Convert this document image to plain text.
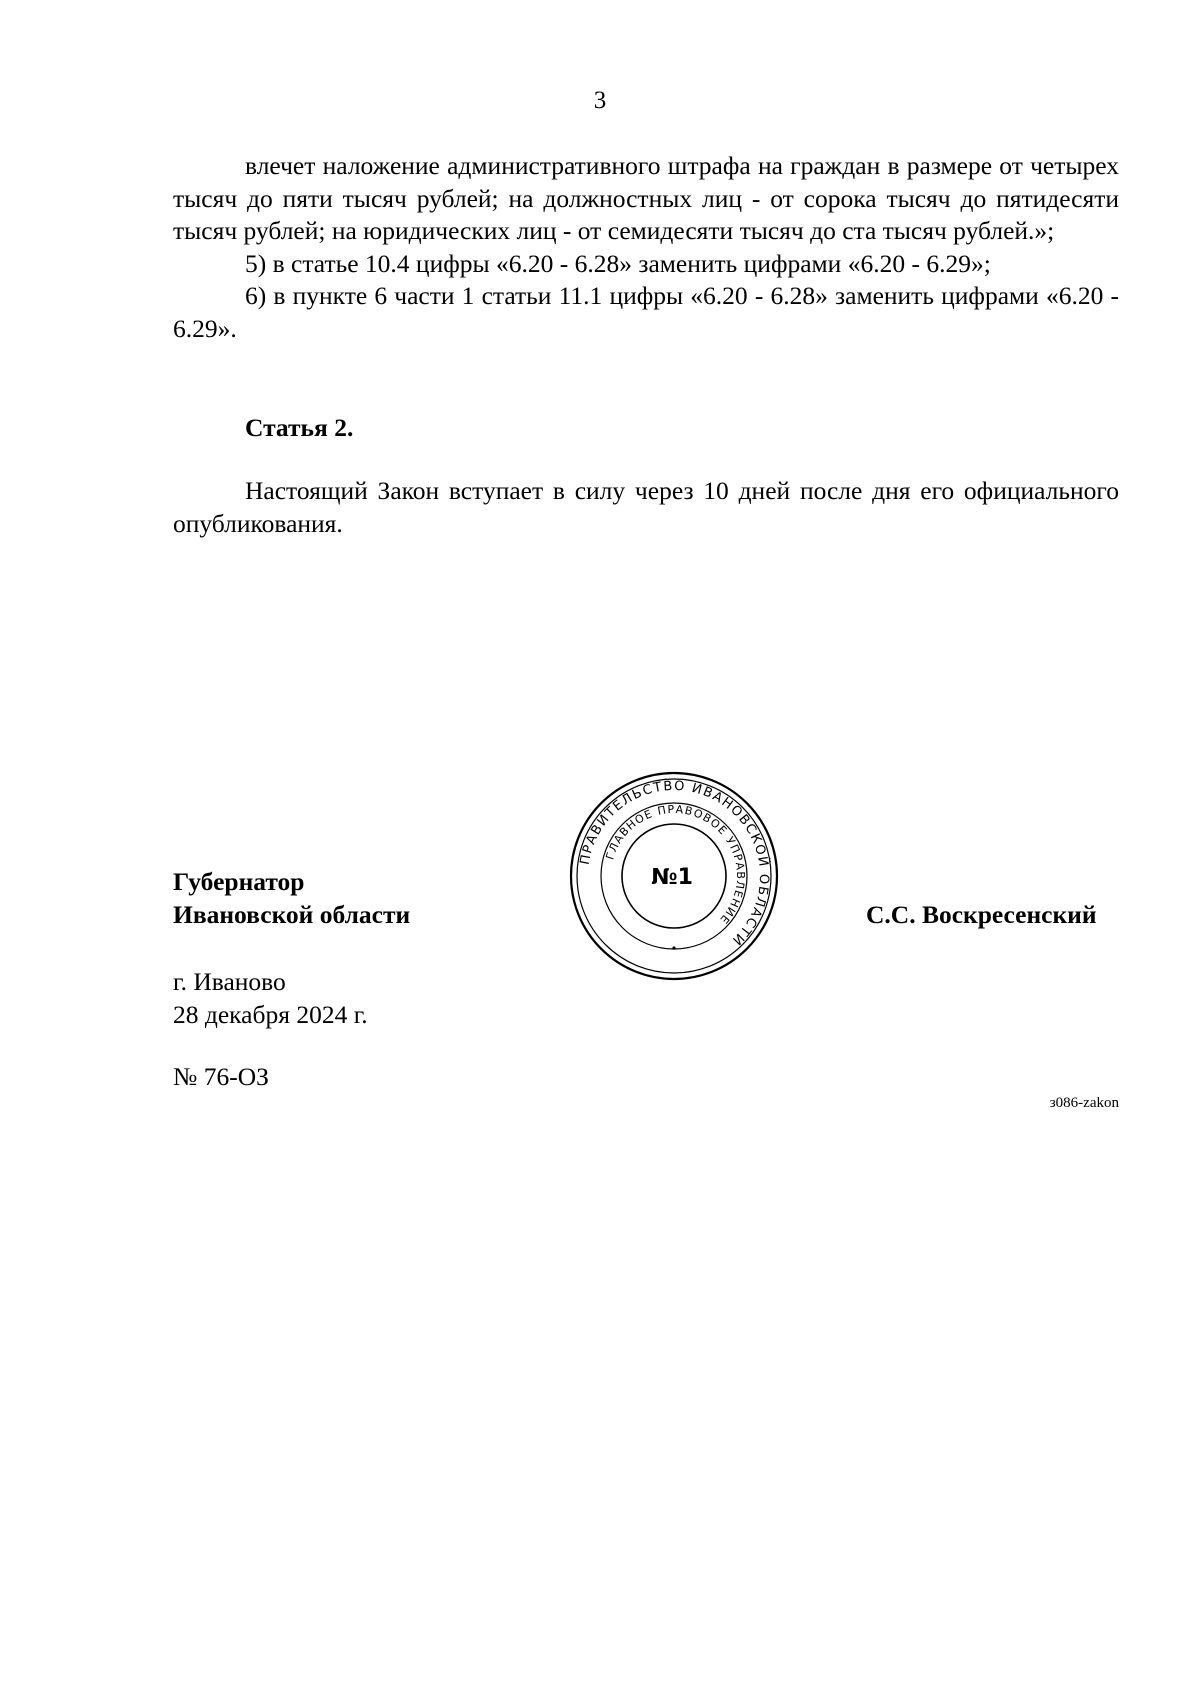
3

влечет наложение административного штрафа на граждан в размере от четырех тысяч до пяти тысяч рублей; на должностных лиц - от сорока тысяч до пятидесяти тысяч рублей; на юридических лиц - от семидесяти тысяч до ста тысяч рублей.»;

5) в статье 10.4 цифры «6.20 - 6.28» заменить цифрами «6.20 - 6.29»;

6) в пункте 6 части 1 статьи 11.1 цифры «6.20 - 6.28» заменить цифрами «6.20 - 6.29».

Статья 2.

Настоящий Закон вступает в силу через 10 дней после дня его официального опубликования.

Губернатор
Ивановской области
ПРАВИТЕЛЬСТВО ИВАНОВСКОЙ ОБЛАСТИ
ГЛАВНОЕ ПРАВОВОЕ УПРАВЛЕНИЕ
№1
С.С. Воскресенский
г. Иваново
28 декабря 2024 г.
№ 76-ОЗ
з086-zakon
